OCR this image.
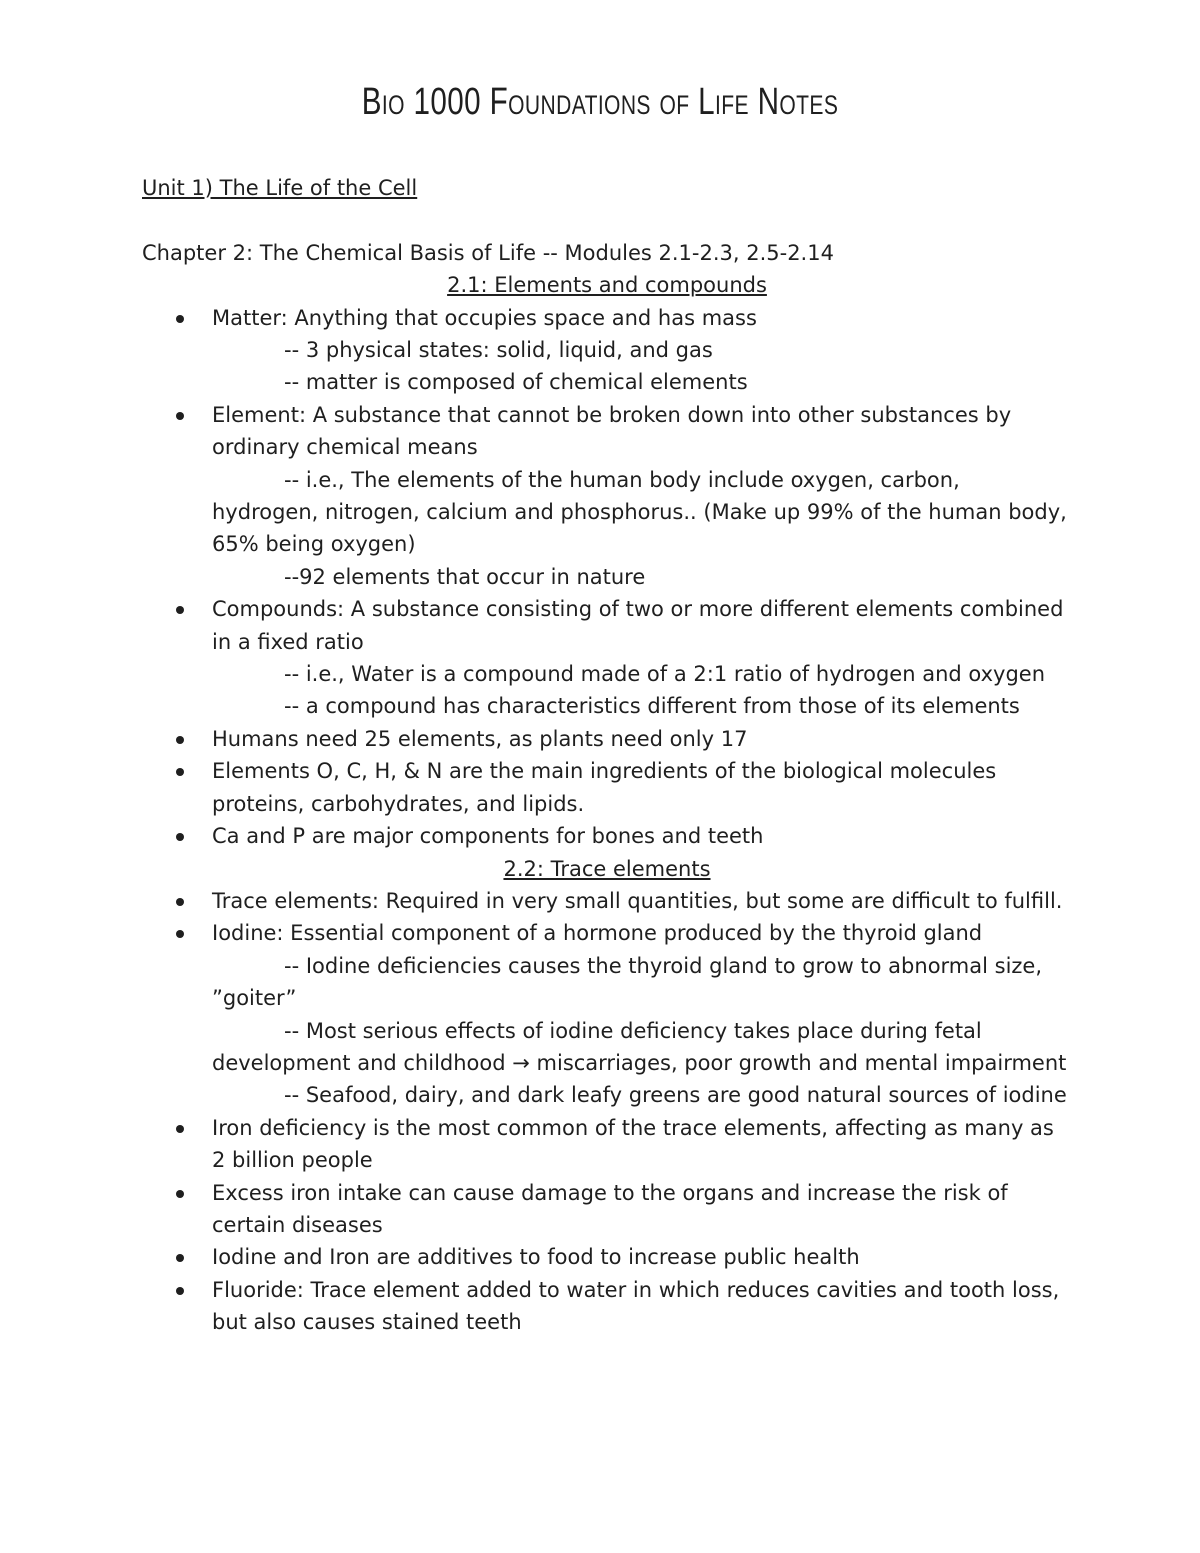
Bio 1000 Foundations of Life Notes
Unit 1) The Life of the Cell
Chapter 2: The Chemical Basis of Life -- Modules 2.1-2.3, 2.5-2.14
2.1: Elements and compounds
Matter: Anything that occupies space and has mass
-- 3 physical states: solid, liquid, and gas
-- matter is composed of chemical elements
Element: A substance that cannot be broken down into other substances by ordinary chemical means
-- i.e., The elements of the human body include oxygen, carbon, hydrogen, nitrogen, calcium and phosphorus.. (Make up 99% of the human body, 65% being oxygen)
--92 elements that occur in nature
Compounds: A substance consisting of two or more different elements combined in a fixed ratio
-- i.e., Water is a compound made of a 2:1 ratio of hydrogen and oxygen
-- a compound has characteristics different from those of its elements
Humans need 25 elements, as plants need only 17
Elements O, C, H, & N are the main ingredients of the biological molecules proteins, carbohydrates, and lipids.
Ca and P are major components for bones and teeth
2.2: Trace elements
Trace elements: Required in very small quantities, but some are difficult to fulfill.
Iodine: Essential component of a hormone produced by the thyroid gland
-- Iodine deficiencies causes the thyroid gland to grow to abnormal size, ”goiter”
-- Most serious effects of iodine deficiency takes place during fetal development and childhood → miscarriages, poor growth and mental impairment
-- Seafood, dairy, and dark leafy greens are good natural sources of iodine
Iron deficiency is the most common of the trace elements, affecting as many as 2 billion people
Excess iron intake can cause damage to the organs and increase the risk of certain diseases
Iodine and Iron are additives to food to increase public health
Fluoride: Trace element added to water in which reduces cavities and tooth loss, but also causes stained teeth
